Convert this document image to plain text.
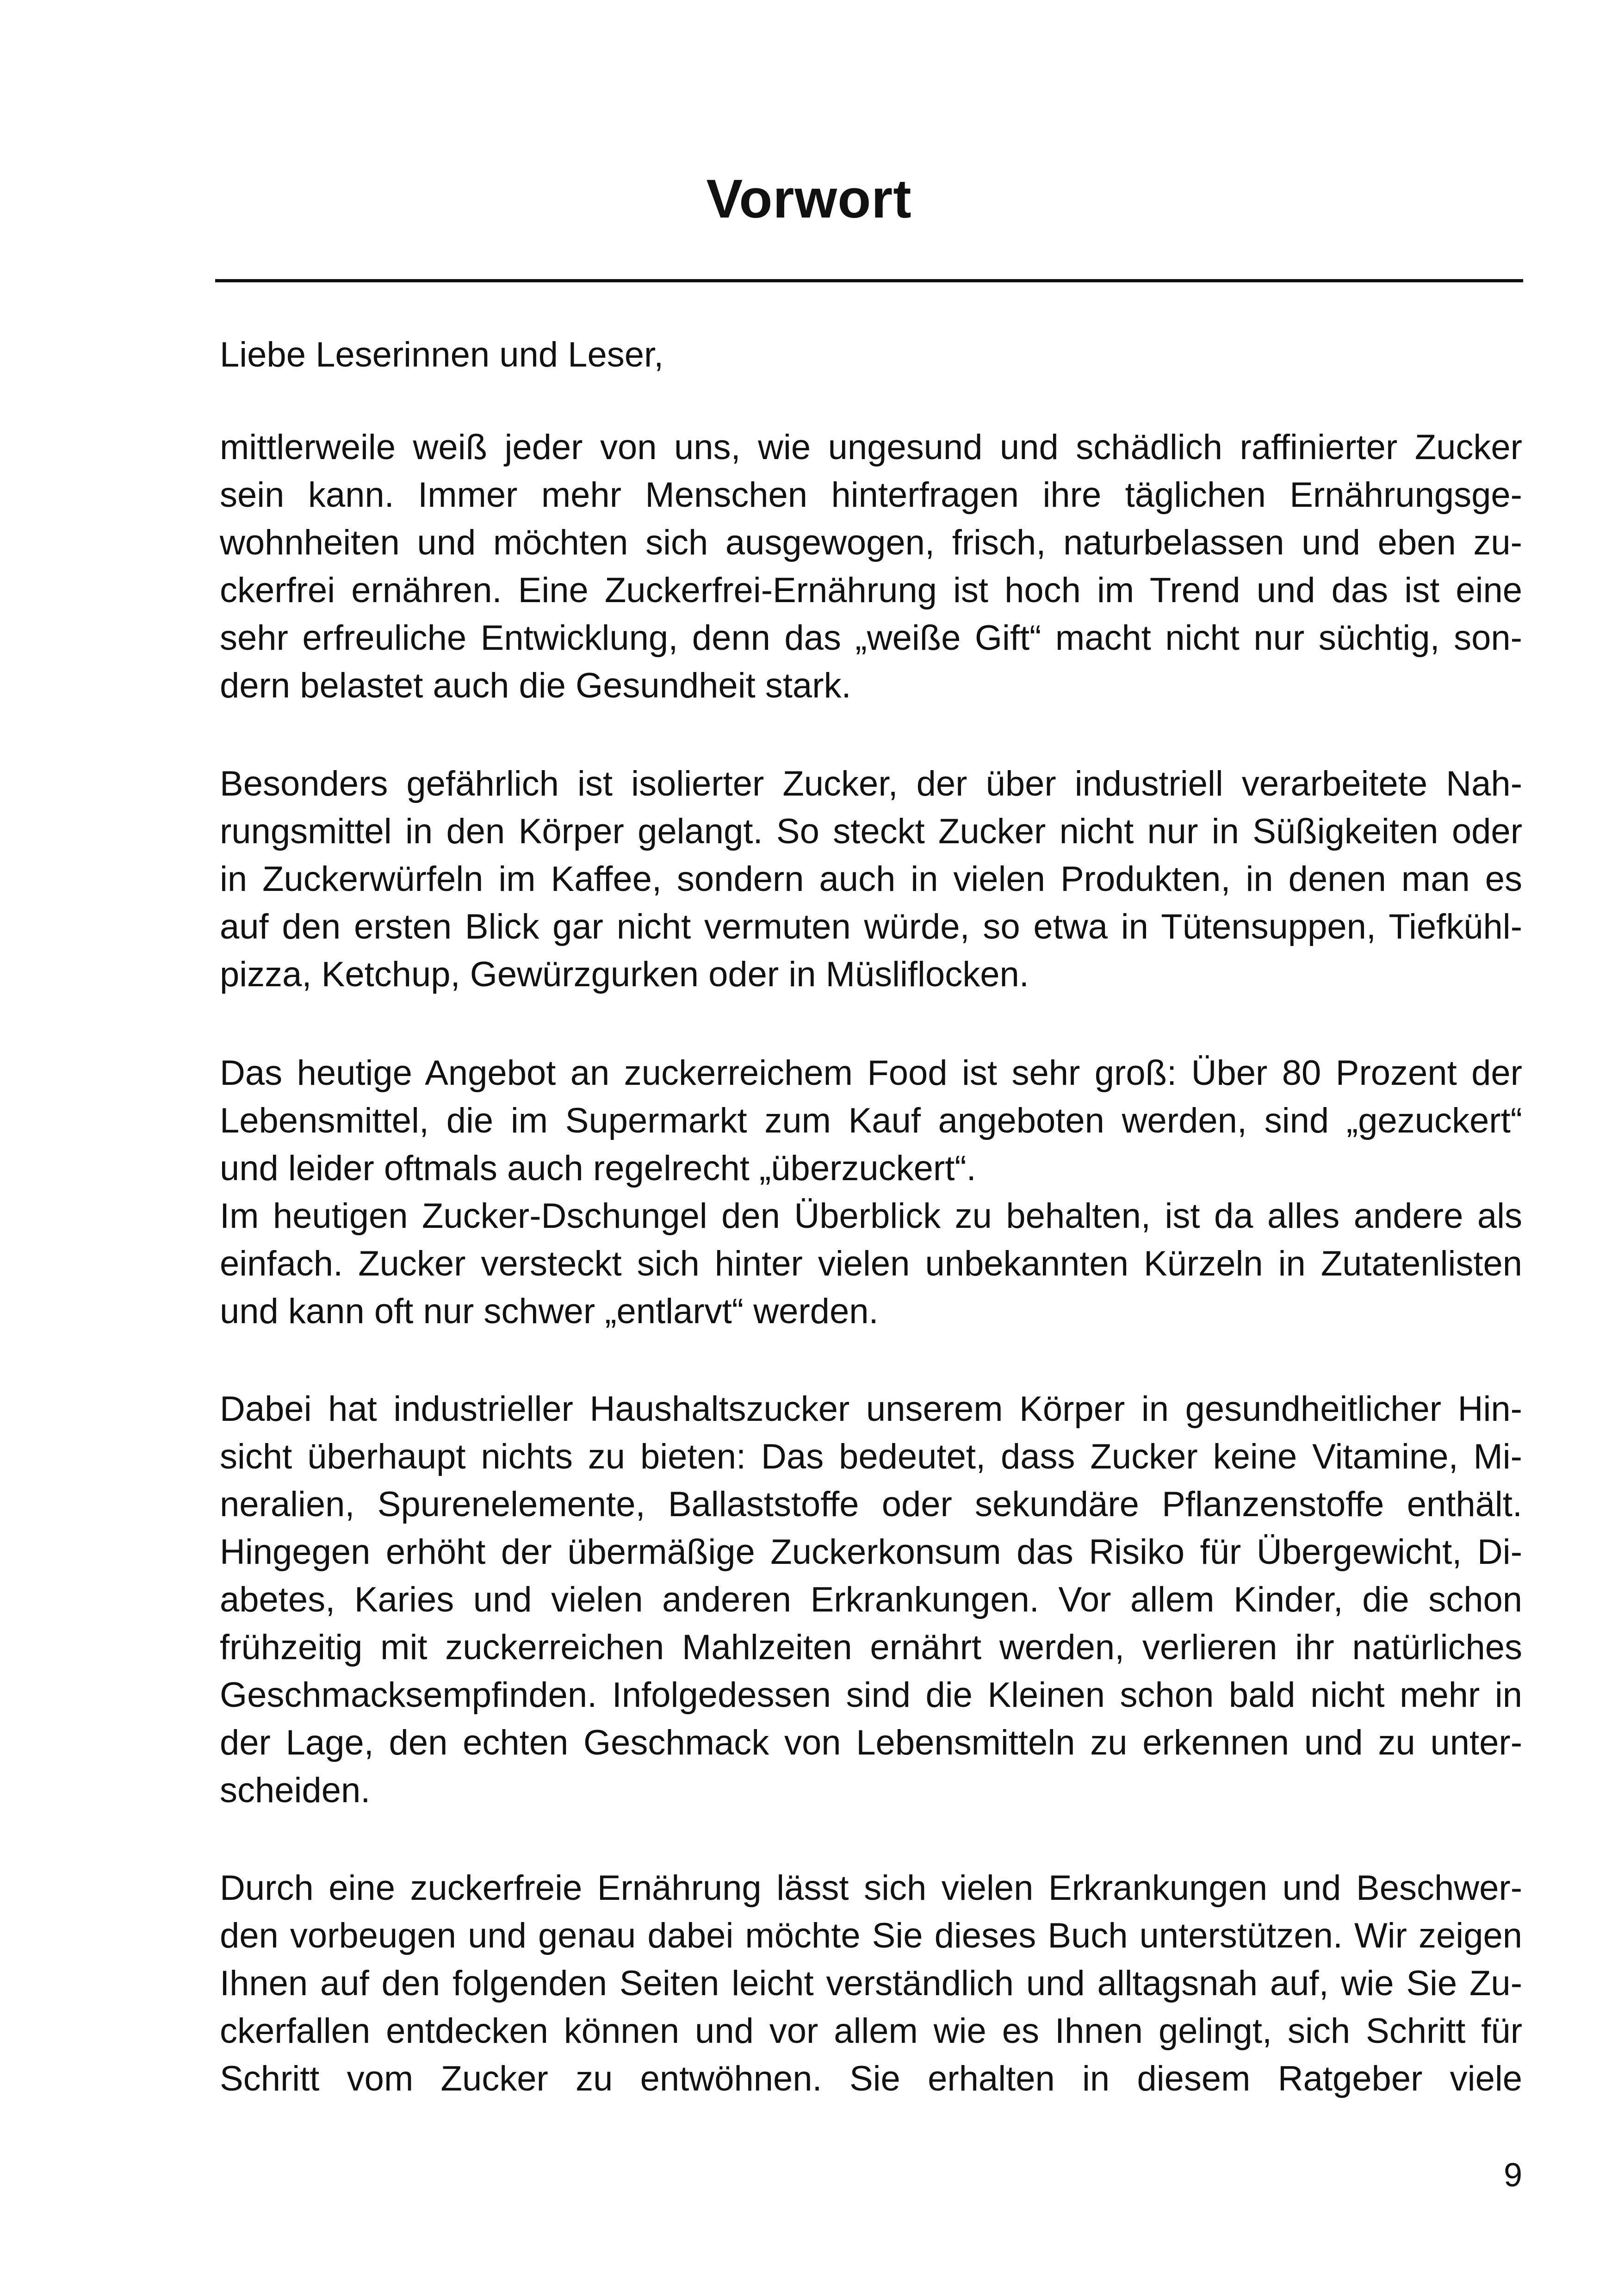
Vorwort

Liebe Leserinnen und Leser,

mittlerweile weiß jeder von uns, wie ungesund und schädlich raffinierter Zucker

sein kann. Immer mehr Menschen hinterfragen ihre täglichen Ernährungsge-

wohnheiten und möchten sich ausgewogen, frisch, naturbelassen und eben zu-

ckerfrei ernähren. Eine Zuckerfrei-Ernährung ist hoch im Trend und das ist eine

sehr erfreuliche Entwicklung, denn das „weiße Gift“ macht nicht nur süchtig, son-

dern belastet auch die Gesundheit stark.

Besonders gefährlich ist isolierter Zucker, der über industriell verarbeitete Nah-

rungsmittel in den Körper gelangt. So steckt Zucker nicht nur in Süßigkeiten oder

in Zuckerwürfeln im Kaffee, sondern auch in vielen Produkten, in denen man es

auf den ersten Blick gar nicht vermuten würde, so etwa in Tütensuppen, Tiefkühl-

pizza, Ketchup, Gewürzgurken oder in Müsliflocken.

Das heutige Angebot an zuckerreichem Food ist sehr groß: Über 80 Prozent der

Lebensmittel, die im Supermarkt zum Kauf angeboten werden, sind „gezuckert“

und leider oftmals auch regelrecht „überzuckert“.

Im heutigen Zucker-Dschungel den Überblick zu behalten, ist da alles andere als

einfach. Zucker versteckt sich hinter vielen unbekannten Kürzeln in Zutatenlisten

und kann oft nur schwer „entlarvt“ werden.

Dabei hat industrieller Haushaltszucker unserem Körper in gesundheitlicher Hin-

sicht überhaupt nichts zu bieten: Das bedeutet, dass Zucker keine Vitamine, Mi-

neralien, Spurenelemente, Ballaststoffe oder sekundäre Pflanzenstoffe enthält.

Hingegen erhöht der übermäßige Zuckerkonsum das Risiko für Übergewicht, Di-

abetes, Karies und vielen anderen Erkrankungen. Vor allem Kinder, die schon

frühzeitig mit zuckerreichen Mahlzeiten ernährt werden, verlieren ihr natürliches

Geschmacksempfinden. Infolgedessen sind die Kleinen schon bald nicht mehr in

der Lage, den echten Geschmack von Lebensmitteln zu erkennen und zu unter-

scheiden.

Durch eine zuckerfreie Ernährung lässt sich vielen Erkrankungen und Beschwer-

den vorbeugen und genau dabei möchte Sie dieses Buch unterstützen. Wir zeigen

Ihnen auf den folgenden Seiten leicht verständlich und alltagsnah auf, wie Sie Zu-

ckerfallen entdecken können und vor allem wie es Ihnen gelingt, sich Schritt für

Schritt vom Zucker zu entwöhnen. Sie erhalten in diesem Ratgeber viele

9
